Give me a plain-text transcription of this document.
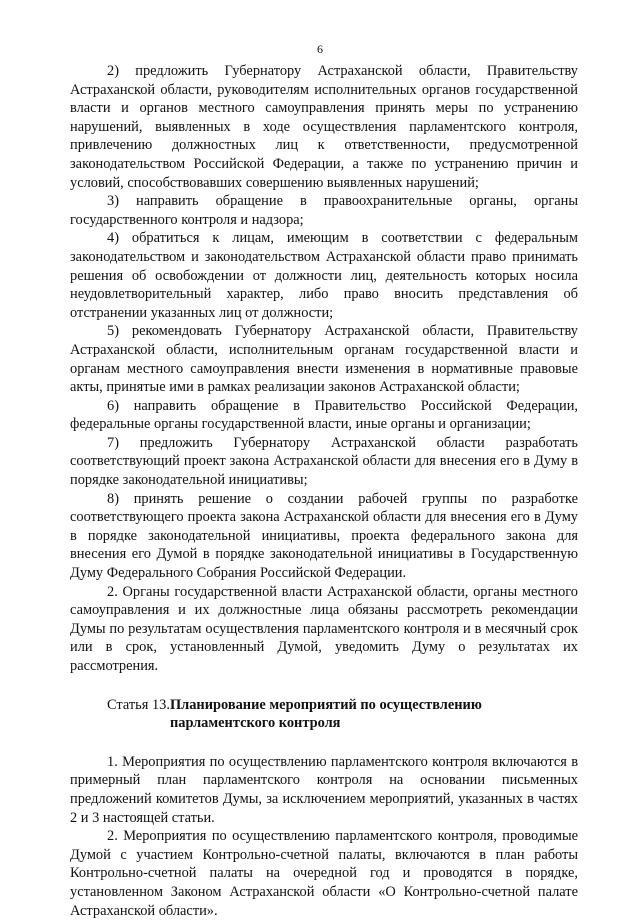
6

2) предложить Губернатору Астраханской области, Правительству Астраханской области, руководителям исполнительных органов государственной власти и органов местного самоуправления принять меры по устранению нарушений, выявленных в ходе осуществления парламентского контроля, привлечению должностных лиц к ответственности, предусмотренной законодательством Российской Федерации, а также по устранению причин и условий, способствовавших совершению выявленных нарушений;

3) направить обращение в правоохранительные органы, органы государственного контроля и надзора;

4) обратиться к лицам, имеющим в соответствии с федеральным законодательством и законодательством Астраханской области право принимать решения об освобождении от должности лиц, деятельность которых носила неудовлетворительный характер, либо право вносить представления об отстранении указанных лиц от должности;

5) рекомендовать Губернатору Астраханской области, Правительству Астраханской области, исполнительным органам государственной власти и органам местного самоуправления внести изменения в нормативные правовые акты, принятые ими в рамках реализации законов Астраханской области;

6) направить обращение в Правительство Российской Федерации, федеральные органы государственной власти, иные органы и организации;

7) предложить Губернатору Астраханской области разработать соответствующий проект закона Астраханской области для внесения его в Думу в порядке законодательной инициативы;

8) принять решение о создании рабочей группы по разработке соответствующего проекта закона Астраханской области для внесения его в Думу в порядке законодательной инициативы, проекта федерального закона для внесения его Думой в порядке законодательной инициативы в Государственную Думу Федерального Собрания Российской Федерации.

2. Органы государственной власти Астраханской области, органы местного самоуправления и их должностные лица обязаны рассмотреть рекомендации Думы по результатам осуществления парламентского контроля и в месячный срок или в срок, установленный Думой, уведомить Думу о результатах их рассмотрения.

Статья 13. Планирование мероприятий по осуществлению парламентского контроля

1. Мероприятия по осуществлению парламентского контроля включаются в примерный план парламентского контроля на основании письменных предложений комитетов Думы, за исключением мероприятий, указанных в частях 2 и 3 настоящей статьи.

2. Мероприятия по осуществлению парламентского контроля, проводимые Думой с участием Контрольно-счетной палаты, включаются в план работы Контрольно-счетной палаты на очередной год и проводятся в порядке, установленном Законом Астраханской области «О Контрольно-счетной палате Астраханской области».
